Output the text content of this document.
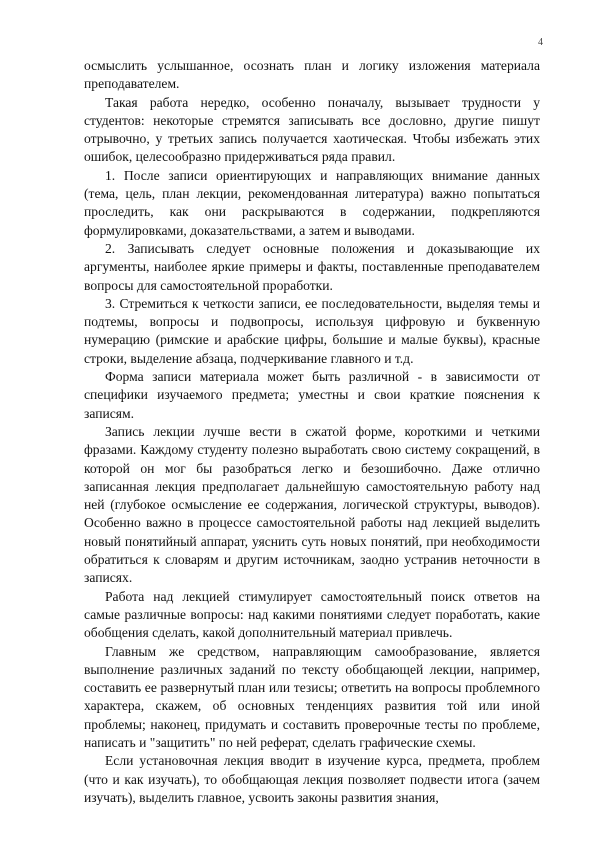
4

осмыслить услышанное, осознать план и логику изложения материала преподавателем.

Такая работа нередко, особенно поначалу, вызывает трудности у студентов: некоторые стремятся записывать все дословно, другие пишут отрывочно, у третьих запись получается хаотическая. Чтобы избежать этих ошибок, целесообразно придерживаться ряда правил.

1. После записи ориентирующих и направляющих внимание данных (тема, цель, план лекции, рекомендованная литература) важно попытаться проследить, как они раскрываются в содержании, подкрепляются формулировками, доказательствами, а затем и выводами.

2. Записывать следует основные положения и доказывающие их аргументы, наиболее яркие примеры и факты, поставленные преподавателем вопросы для самостоятельной проработки.

3. Стремиться к четкости записи, ее последовательности, выделяя темы и подтемы, вопросы и подвопросы, используя цифровую и буквенную нумерацию (римские и арабские цифры, большие и малые буквы), красные строки, выделение абзаца, подчеркивание главного и т.д.

Форма записи материала может быть различной - в зависимости от специфики изучаемого предмета; уместны и свои краткие пояснения к записям.

Запись лекции лучше вести в сжатой форме, короткими и четкими фразами. Каждому студенту полезно выработать свою систему сокращений, в которой он мог бы разобраться легко и безошибочно. Даже отлично записанная лекция предполагает дальнейшую самостоятельную работу над ней (глубокое осмысление ее содержания, логической структуры, выводов). Особенно важно в процессе самостоятельной работы над лекцией выделить новый понятийный аппарат, уяснить суть новых понятий, при необходимости обратиться к словарям и другим источникам, заодно устранив неточности в записях.

Работа над лекцией стимулирует самостоятельный поиск ответов на самые различные вопросы: над какими понятиями следует поработать, какие обобщения сделать, какой дополнительный материал привлечь.

Главным же средством, направляющим самообразование, является выполнение различных заданий по тексту обобщающей лекции, например, составить ее развернутый план или тезисы; ответить на вопросы проблемного характера, скажем, об основных тенденциях развития той или иной проблемы; наконец, придумать и составить проверочные тесты по проблеме, написать и "защитить" по ней реферат, сделать графические схемы.

Если установочная лекция вводит в изучение курса, предмета, проблем (что и как изучать), то обобщающая лекция позволяет подвести итога (зачем изучать), выделить главное, усвоить законы развития знания,
